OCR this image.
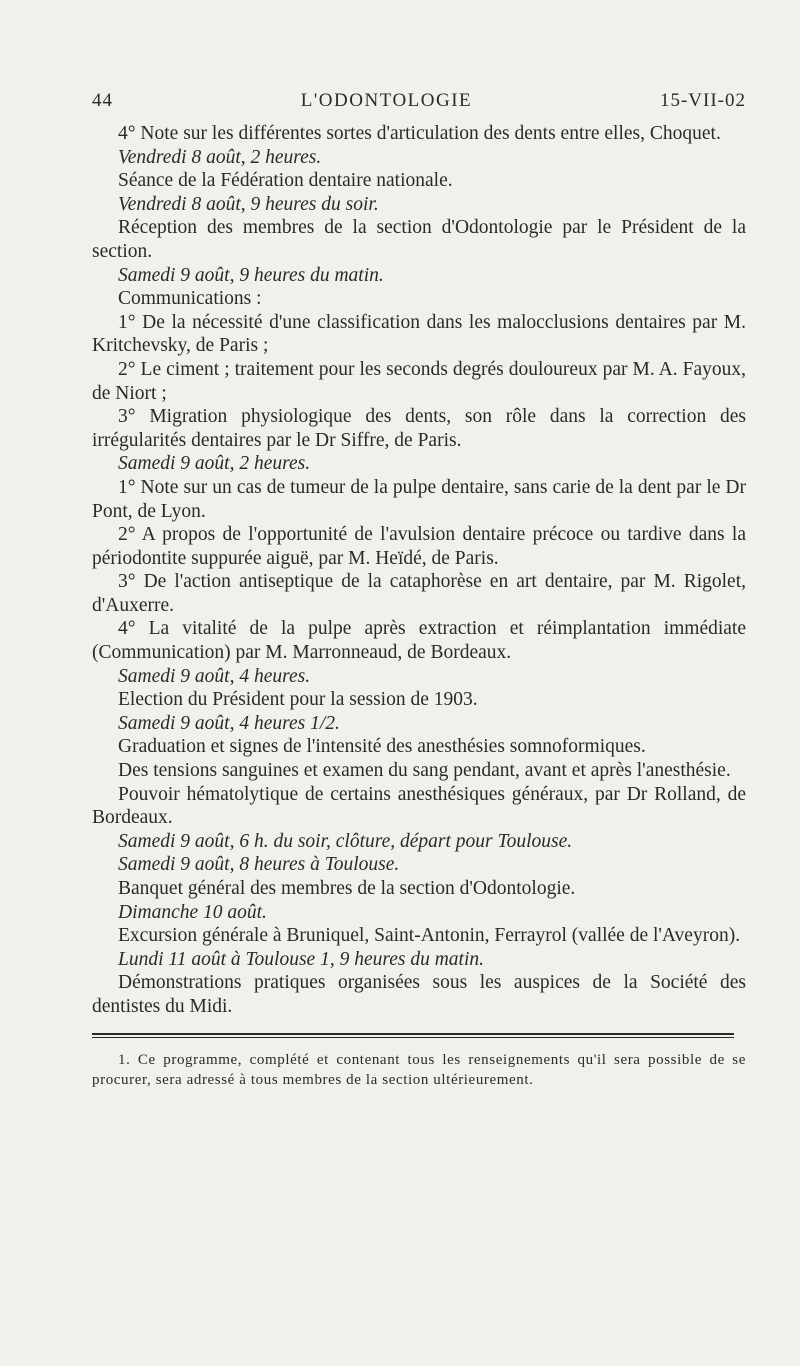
44	L'ODONTOLOGIE	15-VII-02

4° Note sur les différentes sortes d'articulation des dents entre elles, Choquet.

Vendredi 8 août, 2 heures.

Séance de la Fédération dentaire nationale.

Vendredi 8 août, 9 heures du soir.

Réception des membres de la section d'Odontologie par le Président de la section.

Samedi 9 août, 9 heures du matin.

Communications :

1° De la nécessité d'une classification dans les malocclusions dentaires par M. Kritchevsky, de Paris ;

2° Le ciment ; traitement pour les seconds degrés douloureux par M. A. Fayoux, de Niort ;

3° Migration physiologique des dents, son rôle dans la correction des irrégularités dentaires par le Dr Siffre, de Paris.

Samedi 9 août, 2 heures.

1° Note sur un cas de tumeur de la pulpe dentaire, sans carie de la dent par le Dr Pont, de Lyon.

2° A propos de l'opportunité de l'avulsion dentaire précoce ou tardive dans la périodontite suppurée aiguë, par M. Heïdé, de Paris.

3° De l'action antiseptique de la cataphorèse en art dentaire, par M. Rigolet, d'Auxerre.

4° La vitalité de la pulpe après extraction et réimplantation immédiate (Communication) par M. Marronneaud, de Bordeaux.

Samedi 9 août, 4 heures.

Election du Président pour la session de 1903.

Samedi 9 août, 4 heures 1/2.

Graduation et signes de l'intensité des anesthésies somnoformiques.

Des tensions sanguines et examen du sang pendant, avant et après l'anesthésie.

Pouvoir hématolytique de certains anesthésiques généraux, par Dr Rolland, de Bordeaux.

Samedi 9 août, 6 h. du soir, clôture, départ pour Toulouse.

Samedi 9 août, 8 heures à Toulouse.

Banquet général des membres de la section d'Odontologie.

Dimanche 10 août.

Excursion générale à Bruniquel, Saint-Antonin, Ferrayrol (vallée de l'Aveyron).

Lundi 11 août à Toulouse 1, 9 heures du matin.

Démonstrations pratiques organisées sous les auspices de la Société des dentistes du Midi.

1. Ce programme, complété et contenant tous les renseignements qu'il sera possible de se procurer, sera adressé à tous membres de la section ultérieurement.
